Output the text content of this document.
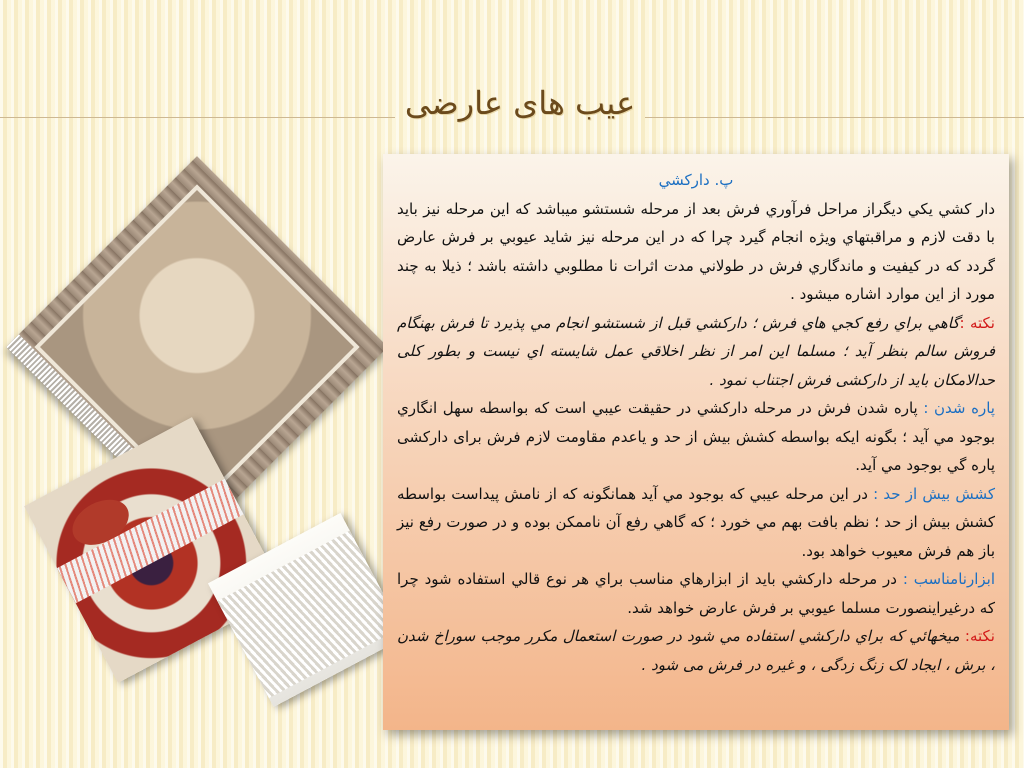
عیب های عارضی

پ. دارکشي

دار کشي يکي ديگراز مراحل فرآوري فرش بعد از مرحله شستشو ميباشد که اين مرحله نيز بايد با دقت لازم و مراقبتهاي ويژه انجام گيرد چرا که در اين مرحله نيز شايد عيوبي بر فرش عارض گردد که در کيفيت و ماندگاري فرش در طولاني مدت اثرات نا مطلوبي داشته باشد ؛ ذيلا به چند مورد از اين موارد اشاره ميشود .

نکته :گاهي براي رفع کجي هاي فرش ؛ دارکشي قبل از شستشو انجام مي پذيرد تا فرش بهنگام فروش سالم بنظر آيد ؛ مسلما این امر از نظر اخلاقي عمل شايسته اي نيست و بطور کلی حدالامکان باید از دارکشی فرش اجتناب نمود .

پاره شدن : پاره شدن فرش در مرحله دارکشي در حقيقت عيبي است که بواسطه سهل انگاري بوجود مي آيد ؛ بگونه ايکه بواسطه کشش بیش از حد و یاعدم مقاومت لازم فرش برای دارکشی پاره گي بوجود مي آيد.

کشش بیش از حد : در اين مرحله عيبي که بوجود مي آيد همانگونه که از نامش پيداست بواسطه کشش بيش از حد ؛ نظم بافت بهم مي خورد ؛ که گاهي رفع آن ناممکن بوده و در صورت رفع نيز باز هم فرش معيوب خواهد بود.

ابزارنامناسب : در مرحله دارکشي بايد از ابزارهاي مناسب براي هر نوع قالي استفاده شود چرا که درغيراينصورت مسلما عيوبي بر فرش عارض خواهد شد.

نکته: ميخهائي که براي دارکشي استفاده مي شود در صورت استعمال مکرر موجب سوراخ شدن ، برش ، ایجاد لک زنگ زدگی ، و غیره در فرش می شود .
